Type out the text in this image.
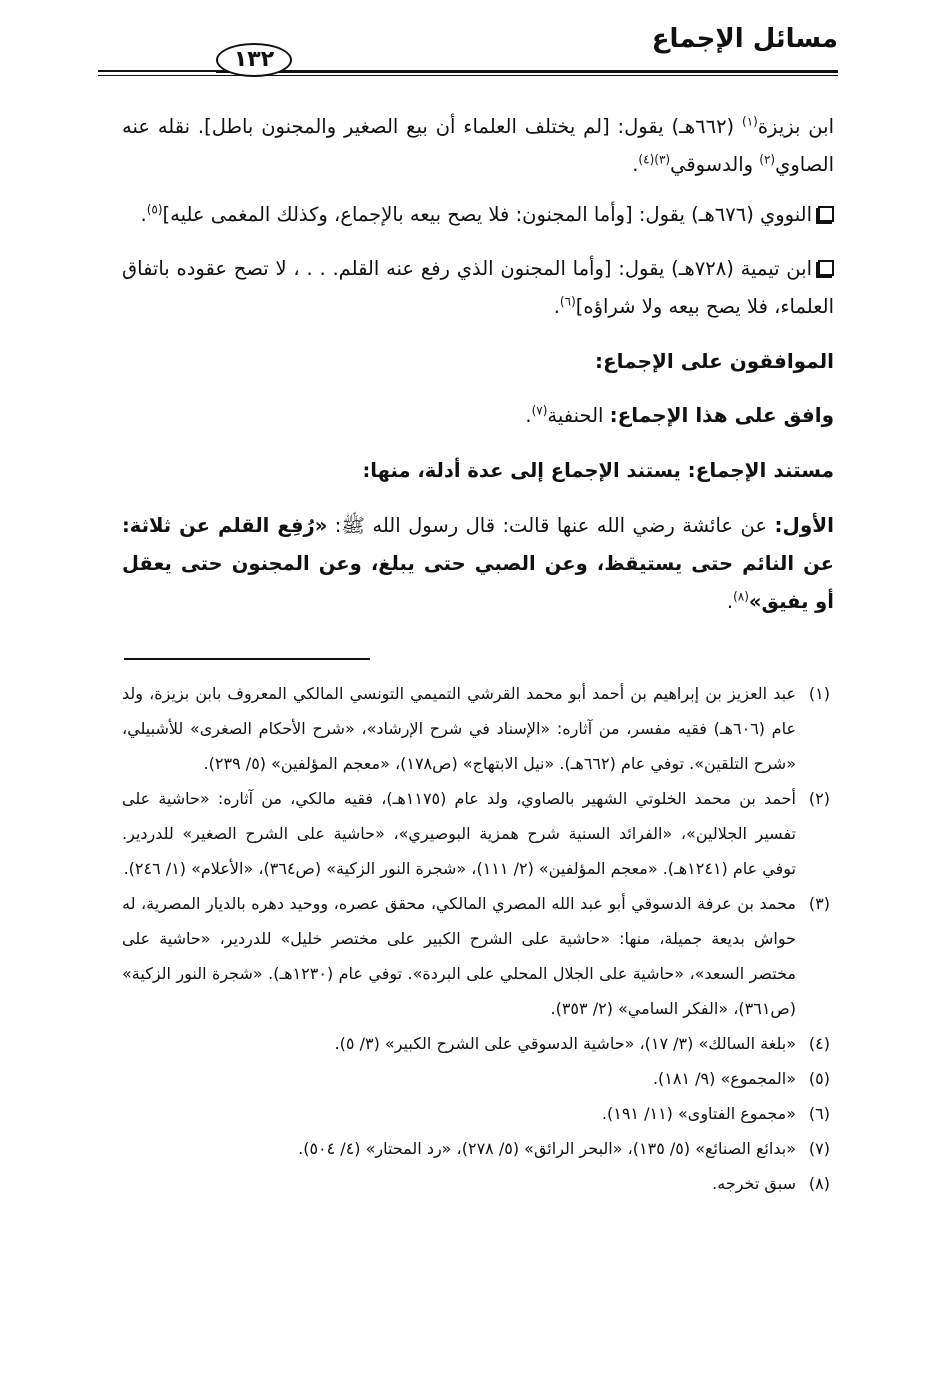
مسائل الإجماع
١٣٢

ابن بزيزة$^{(١)}$ (٦٦٢هـ) يقول: [لم يختلف العلماء أن بيع الصغير والمجنون باطل]. نقله عنه الصاوي$^{(٢)}$ والدسوقي$^{(٣)(٤)}$.

النووي (٦٧٦هـ) يقول: [وأما المجنون: فلا يصح بيعه بالإجماع، وكذلك المغمى عليه]$^{(٥)}$.

ابن تيمية (٧٢٨هـ) يقول: [وأما المجنون الذي رفع عنه القلم. . . ، لا تصح عقوده باتفاق العلماء، فلا يصح بيعه ولا شراؤه]$^{(٦)}$.

الموافقون على الإجماع:

وافق على هذا الإجماع: الحنفية$^{(٧)}$.

مستند الإجماع: يستند الإجماع إلى عدة أدلة، منها:

الأول: عن عائشة رضي الله عنها قالت: قال رسول الله ﷺ: «رُفِع القلم عن ثلاثة: عن النائم حتى يستيقظ، وعن الصبي حتى يبلغ، وعن المجنون حتى يعقل أو يفيق»$^{(٨)}$.

(١)
عبد العزيز بن إبراهيم بن أحمد أبو محمد القرشي التميمي التونسي المالكي المعروف بابن بزيزة، ولد عام (٦٠٦هـ) فقيه مفسر، من آثاره: «الإسناد في شرح الإرشاد»، «شرح الأحكام الصغرى» للأشبيلي، «شرح التلقين». توفي عام (٦٦٢هـ). «نيل الابتهاج» (ص١٧٨)، «معجم المؤلفين» (٥/ ٢٣٩).

(٢)
أحمد بن محمد الخلوتي الشهير بالصاوي، ولد عام (١١٧٥هـ)، فقيه مالكي، من آثاره: «حاشية على تفسير الجلالين»، «الفرائد السنية شرح همزية البوصيري»، «حاشية على الشرح الصغير» للدردير. توفي عام (١٢٤١هـ). «معجم المؤلفين» (٢/ ١١١)، «شجرة النور الزكية» (ص٣٦٤)، «الأعلام» (١/ ٢٤٦).

(٣)
محمد بن عرفة الدسوقي أبو عبد الله المصري المالكي، محقق عصره، ووحيد دهره بالديار المصرية، له حواش بديعة جميلة، منها: «حاشية على الشرح الكبير على مختصر خليل» للدردير، «حاشية على مختصر السعد»، «حاشية على الجلال المحلي على البردة». توفي عام (١٢٣٠هـ). «شجرة النور الزكية» (ص٣٦١)، «الفكر السامي» (٢/ ٣٥٣).

(٤)
«بلغة السالك» (٣/ ١٧)، «حاشية الدسوقي على الشرح الكبير» (٣/ ٥).

(٥)
«المجموع» (٩/ ١٨١).

(٦)
«مجموع الفتاوى» (١١/ ١٩١).

(٧)
«بدائع الصنائع» (٥/ ١٣٥)، «البحر الرائق» (٥/ ٢٧٨)، «رد المحتار» (٤/ ٥٠٤).

(٨)
سبق تخرجه.
